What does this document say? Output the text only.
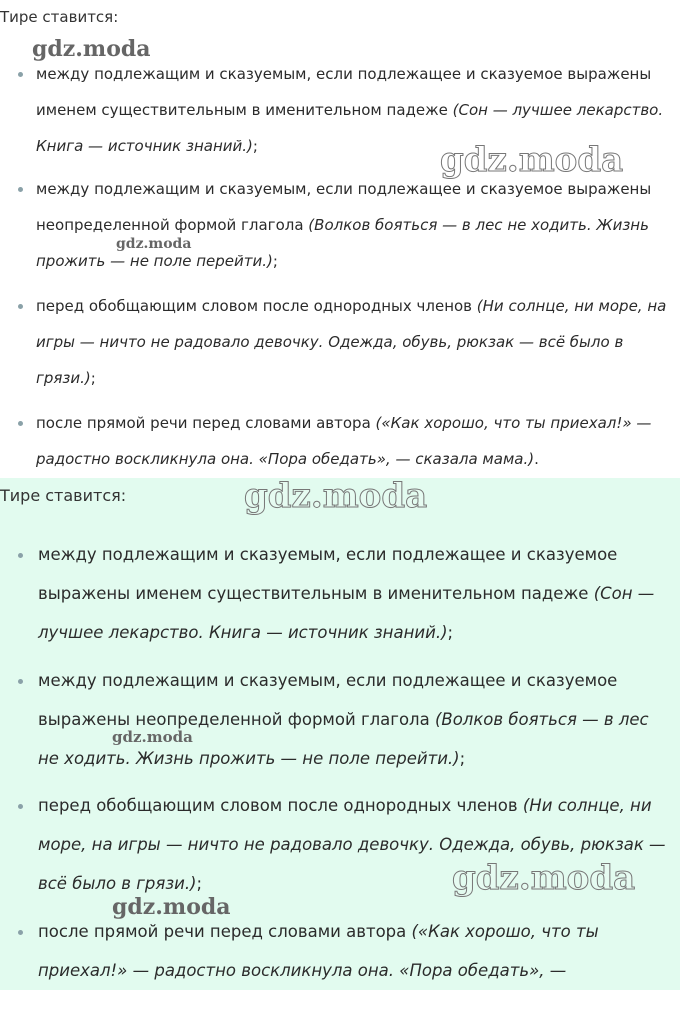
Тире ставится:

между подлежащим и сказуемым, если подлежащее и сказуемое выражены именем существительным в именительном падеже (Сон — лучшее лекарство. Книга — источник знаний.);

между подлежащим и сказуемым, если подлежащее и сказуемое выражены неопределенной формой глагола (Волков бояться — в лес не ходить. Жизнь прожить — не поле перейти.);

перед обобщающим словом после однородных членов (Ни солнце, ни море, на игры — ничто не радовало девочку. Одежда, обувь, рюкзак — всё было в грязи.);

после прямой речи перед словами автора («Как хорошо, что ты приехал!» — радостно воскликнула она. «Пора обедать», — сказала мама.).

Тире ставится:

между подлежащим и сказуемым, если подлежащее и сказуемое выражены именем существительным в именительном падеже (Сон — лучшее лекарство. Книга — источник знаний.);

между подлежащим и сказуемым, если подлежащее и сказуемое выражены неопределенной формой глагола (Волков бояться — в лес не ходить. Жизнь прожить — не поле перейти.);

перед обобщающим словом после однородных членов (Ни солнце, ни море, на игры — ничто не радовало девочку. Одежда, обувь, рюкзак — всё было в грязи.);

после прямой речи перед словами автора («Как хорошо, что ты приехал!» — радостно воскликнула она. «Пора обедать», —

gdz.moda
gdz.moda
gdz.moda
gdz.moda
